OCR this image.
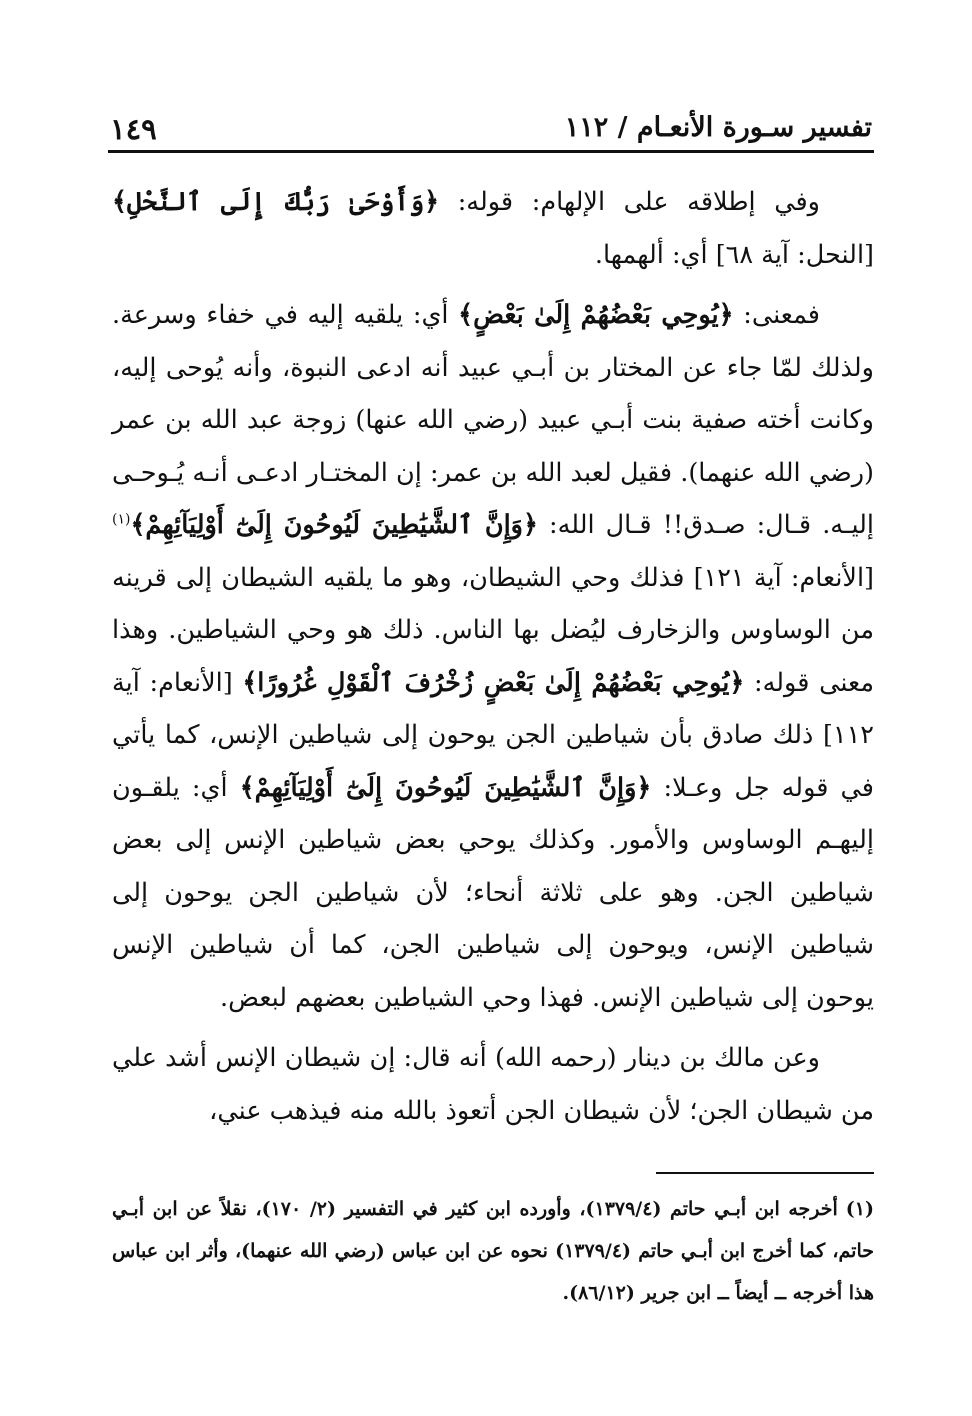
تفسير سـورة الأنعـام / ١١٢
١٤٩

وفي إطلاقه على الإلهام: قوله: ﴿وَأَوْحَىٰ رَبُّكَ إِلَى ٱلنَّحْلِ﴾ [النحل: آية ٦٨] أي: ألهمها.

فمعنى: ﴿يُوحِي بَعْضُهُمْ إِلَىٰ بَعْضٍ﴾ أي: يلقيه إليه في خفاء وسرعة. ولذلك لمّا جاء عن المختار بن أبـي عبيد أنه ادعى النبوة، وأنه يُوحى إليه، وكانت أخته صفية بنت أبـي عبيد (رضي الله عنها) زوجة عبد الله بن عمر (رضي الله عنهما). فقيل لعبد الله بن عمر: إن المختـار ادعـى أنـه يُـوحـى إليـه. قـال: صـدق!! قـال الله: ﴿وَإِنَّ ٱلشَّيَٰطِينَ لَيُوحُونَ إِلَىٰٓ أَوْلِيَآئِهِمْ﴾$^{(١)}$ [الأنعام: آية ١٢١] فذلك وحي الشيطان، وهو ما يلقيه الشيطان إلى قرينه من الوساوس والزخارف ليُضل بها الناس. ذلك هو وحي الشياطين. وهذا معنى قوله: ﴿يُوحِي بَعْضُهُمْ إِلَىٰ بَعْضٍ زُخْرُفَ ٱلْقَوْلِ غُرُورًا﴾ [الأنعام: آية ١١٢] ذلك صادق بأن شياطين الجن يوحون إلى شياطين الإنس، كما يأتي في قوله جل وعـلا: ﴿وَإِنَّ ٱلشَّيَٰطِينَ لَيُوحُونَ إِلَىٰٓ أَوْلِيَآئِهِمْ﴾ أي: يلقـون إليهـم الوساوس والأمور. وكذلك يوحي بعض شياطين الإنس إلى بعض شياطين الجن. وهو على ثلاثة أنحاء؛ لأن شياطين الجن يوحون إلى شياطين الإنس، ويوحون إلى شياطين الجن، كما أن شياطين الإنس يوحون إلى شياطين الإنس. فهذا وحي الشياطين بعضهم لبعض.

وعن مالك بن دينار (رحمه الله) أنه قال: إن شيطان الإنس أشد علي من شيطان الجن؛ لأن شيطان الجن أتعوذ بالله منه فيذهب عني،

(١)أخرجه ابن أبـي حاتم (١٣٧٩/٤)، وأورده ابن كثير في التفسير (٢/ ١٧٠)، نقلاً عن ابن أبـي حاتم، كما أخرج ابن أبـي حاتم (١٣٧٩/٤) نحوه عن ابن عباس (رضي الله عنهما)، وأثر ابن عباس هذا أخرجه ــ أيضاً ــ ابن جرير (٨٦/١٢).
